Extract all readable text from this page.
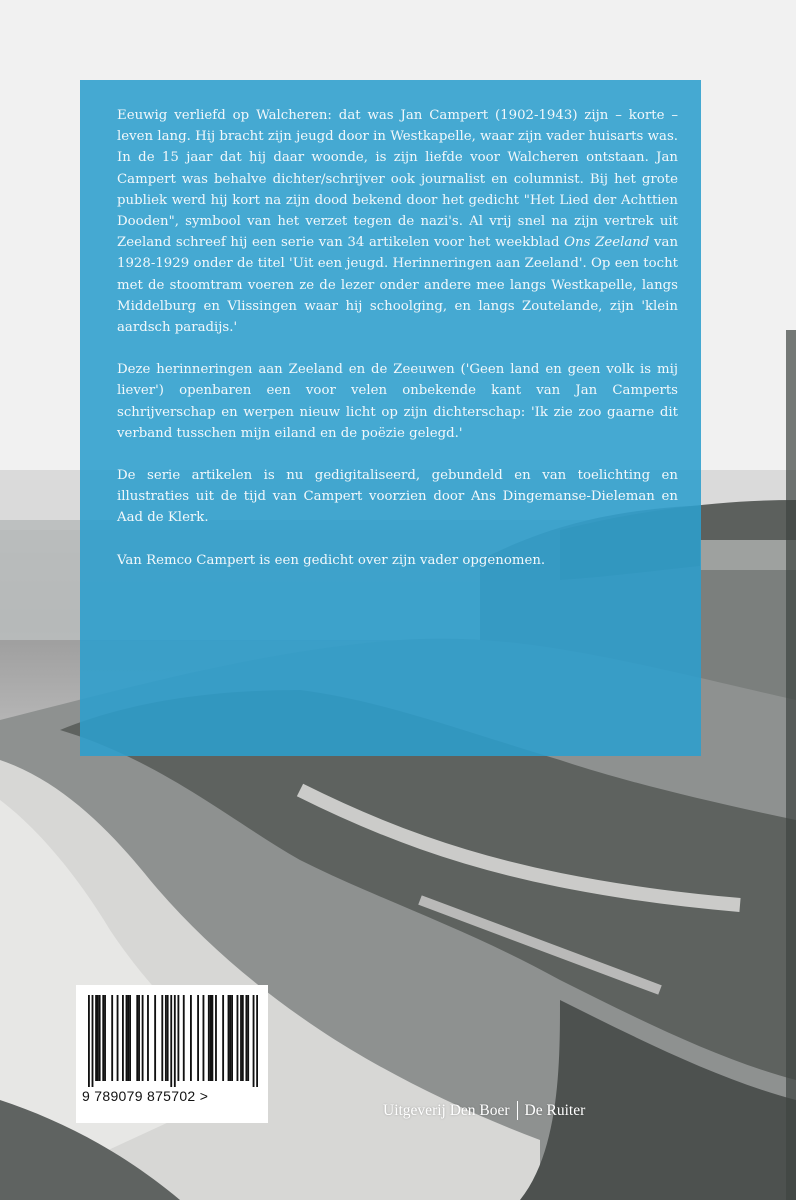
Eeuwig verliefd op Walcheren: dat was Jan Campert (1902-1943) zijn – korte – leven lang. Hij bracht zijn jeugd door in Westkapelle, waar zijn vader huisarts was. In de 15 jaar dat hij daar woonde, is zijn liefde voor Walcheren ontstaan. Jan Campert was behalve dichter/schrijver ook journalist en columnist. Bij het grote publiek werd hij kort na zijn dood bekend door het gedicht "Het Lied der Achttien Dooden", symbool van het verzet tegen de nazi's. Al vrij snel na zijn vertrek uit Zeeland schreef hij een serie van 34 artikelen voor het weekblad Ons Zeeland van 1928-1929 onder de titel 'Uit een jeugd. Herinneringen aan Zeeland'. Op een tocht met de stoomtram voeren ze de lezer onder andere mee langs Westkapelle, langs Middelburg en Vlissingen waar hij schoolging, en langs Zoutelande, zijn 'klein aardsch paradijs.'

Deze herinneringen aan Zeeland en de Zeeuwen ('Geen land en geen volk is mij liever') openbaren een voor velen onbekende kant van Jan Camperts schrijverschap en werpen nieuw licht op zijn dichterschap: 'Ik zie zoo gaarne dit verband tusschen mijn eiland en de poëzie gelegd.'

De serie artikelen is nu gedigitaliseerd, gebundeld en van toelichting en illustraties uit de tijd van Campert voorzien door Ans Dingemanse-Dieleman en Aad de Klerk.

Van Remco Campert is een gedicht over zijn vader opgenomen.

9 789079 875702 >
Uitgeverij Den Boer De Ruiter
